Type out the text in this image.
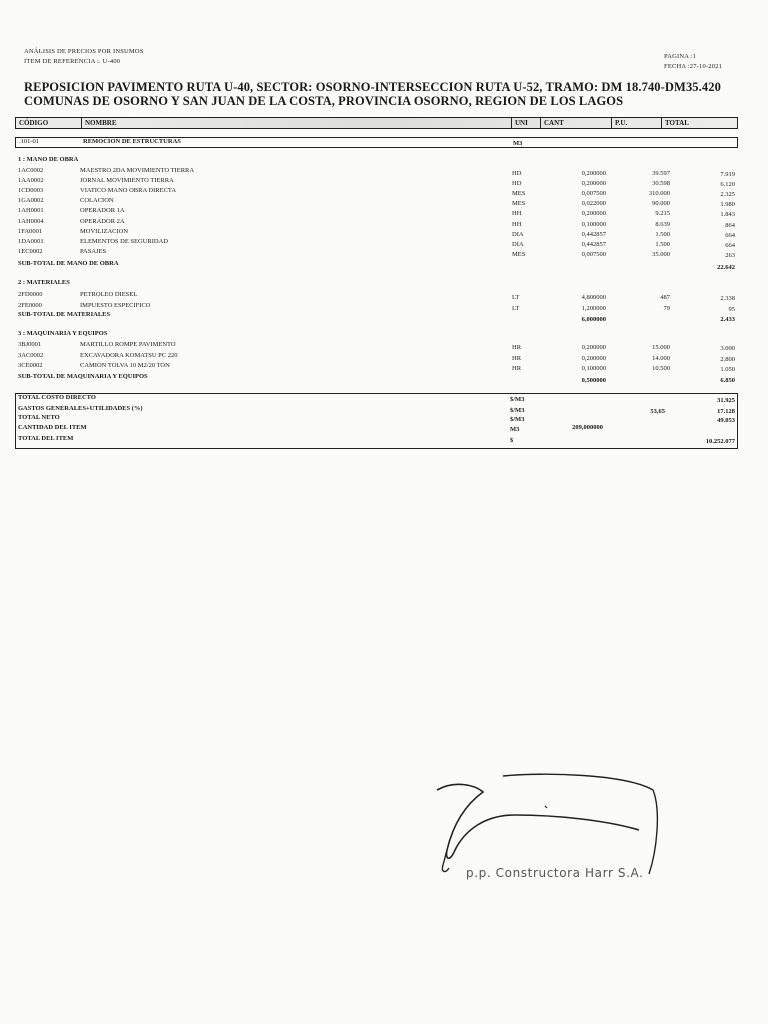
ANÁLISIS DE PRECIOS POR INSUMOS
ITEM DE REFERENCIA :. U-400
PAGINA :1
FECHA :27-10-2021
REPOSICION PAVIMENTO RUTA U-40, SECTOR: OSORNO-INTERSECCION RUTA U-52, TRAMO: DM 18.740-DM35.420
COMUNAS DE OSORNO Y SAN JUAN DE LA COSTA, PROVINCIA OSORNO, REGION DE LOS LAGOS
CÓDIGO	NOMBRE	UNI	CANT	P.U.	TOTAL
.101-01	REMOCION DE ESTRUCTURAS	M3
1 : MANO DE OBRA
1AC0002	MAESTRO 2DA MOVIMIENTO TIERRA	HD	0,200000	39.597	7.919
1AA0002	JORNAL MOVIMIENTO TIERRA	HD	0,200000	30.598	6.120
1CD0003	VIATICO MANO OBRA DIRECTA	MES	0,007500	310.000	2.325
1GA0002	COLACION	MES	0,022000	90.000	1.980
1AH0001	OPERADOR 1A	HH	0,200000	9.215	1.843
1AH0004	OPERADOR 2A	HH	0,100000	8.639	864
1FA0001	MOVILIZACION	DIA	0,442857	1.500	664
1DA0001	ELEMENTOS DE SEGURIDAD	DIA	0,442857	1.500	664
1EC0002	PASAJES	MES	0,007500	35.000	263
SUB-TOTAL DE MANO DE OBRA
22.642
2 : MATERIALES
2FD0000	PETROLEO DIESEL	LT	4,800000	487	2.338
2FE0000	IMPUESTO ESPECIFICO	LT	1,200000	79	95
SUB-TOTAL DE MATERIALES
6,000000	2.433
3 : MAQUINARIA Y EQUIPOS
3BJ0001	MARTILLO ROMPE PAVIMENTO	HR	0,200000	15.000	3.000
3AC0002	EXCAVADORA KOMATSU PC 220	HR	0,200000	14.000	2.800
3CE0002	CAMION TOLVA 10 M2/20 TON	HR	0,100000	10.500	1.050
SUB-TOTAL DE MAQUINARIA Y EQUIPOS
0,500000	6.850
TOTAL COSTO DIRECTO	$/M3	31.925
GASTOS GENERALES+UTILIDADES (%)	$/M3	53,65	17.128
TOTAL NETO	$/M3	49.053
CANTIDAD DEL ITEM	M3	209,000000
TOTAL DEL ITEM	$	10.252.077
p.p. Constructora Harr S.A.
